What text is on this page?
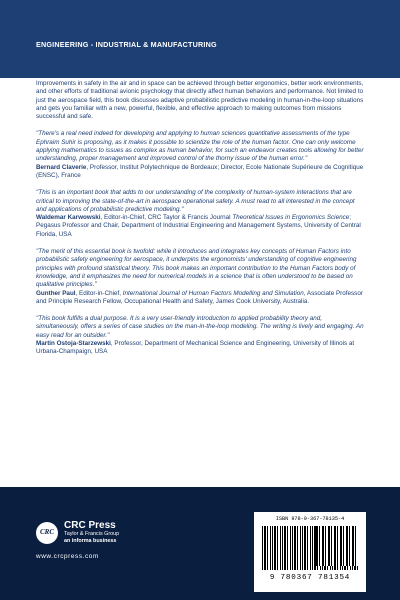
ENGINEERING - INDUSTRIAL & MANUFACTURING

Improvements in safety in the air and in space can be achieved through better ergonomics, better work environments, and other efforts of traditional avionic psychology that directly affect human behaviors and performance. Not limited to just the aerospace field, this book discusses adaptive probabilistic predictive modeling in human-in-the-loop situations and gets you familiar with a new, powerful, flexible, and effective approach to making outcomes from missions successful and safe.

"There's a real need indeed for developing and applying to human sciences quantitative assessments of the type Ephraim Suhir is proposing, as it makes it possible to scientize the role of the human factor. One can only welcome applying mathematics to issues as complex as human behavior, for such an endeavor creates tools allowing for better understanding, proper management and improved control of the thorny issue of the human error."

Bernard Claverie, Professor, Institut Polytechnique de Bordeaux; Director, Ecole Nationale Supérieure de Cognitique (ENSC), France

"This is an important book that adds to our understanding of the complexity of human-system interactions that are critical to improving the state-of-the-art in aerospace operational safety. A must read to all interested in the concept and applications of probabilistic predictive modeling."

Waldemar Karwowski, Editor-in-Chief, CRC Taylor & Francis Journal Theoretical Issues in Ergonomics Science; Pegasus Professor and Chair, Department of Industrial Engineering and Management Systems, University of Central Florida, USA

"The merit of this essential book is twofold: while it introduces and integrates key concepts of Human Factors into probabilistic safety engineering for aerospace, it underpins the ergonomists' understanding of cognitive engineering principles with profound statistical theory. This book makes an important contribution to the Human Factors body of knowledge, and it emphasizes the need for numerical models in a science that is often understood to be based on qualitative principles."

Gunther Paul, Editor-in-Chief, International Journal of Human Factors Modelling and Simulation, Associate Professor and Principle Research Fellow, Occupational Health and Safety, James Cook University, Australia.

"This book fulfills a dual purpose. It is a very user-friendly introduction to applied probability theory and, simultaneously, offers a series of case studies on the man-in-the-loop modeling. The writing is lively and engaging. An easy read for an outsider."

Martin Ostoja-Starzewski, Professor, Department of Mechanical Science and Engineering, University of Illinois at Urbana-Champaign, USA

CRC
CRC Press
Taylor & Francis Group
an informa business
www.crcpress.com
ISBN 978-0-367-78135-4
9 780367 781354
